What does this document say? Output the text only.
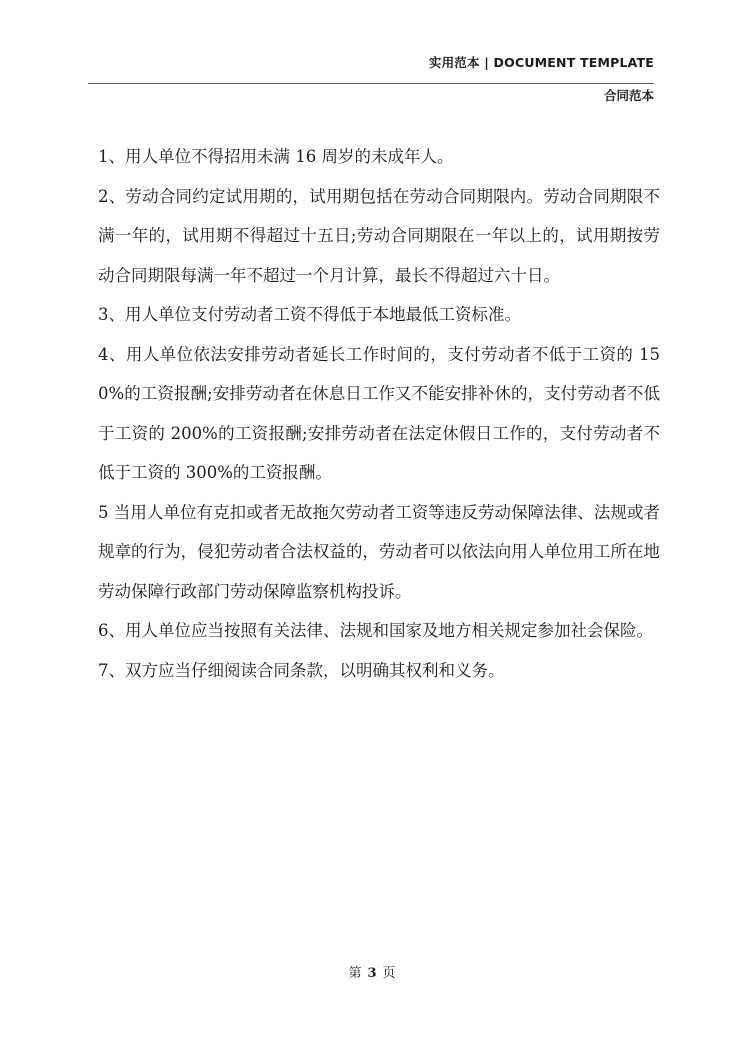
实用范本 | DOCUMENT TEMPLATE
合同范本

1、用人单位不得招用未满 16 周岁的未成年人。

2、劳动合同约定试用期的，试用期包括在劳动合同期限内。劳动合同期限不满一年的，试用期不得超过十五日;劳动合同期限在一年以上的，试用期按劳动合同期限每满一年不超过一个月计算，最长不得超过六十日。

3、用人单位支付劳动者工资不得低于本地最低工资标准。

4、用人单位依法安排劳动者延长工作时间的，支付劳动者不低于工资的 150%的工资报酬;安排劳动者在休息日工作又不能安排补休的，支付劳动者不低于工资的 200%的工资报酬;安排劳动者在法定休假日工作的，支付劳动者不低于工资的 300%的工资报酬。

5 当用人单位有克扣或者无故拖欠劳动者工资等违反劳动保障法律、法规或者规章的行为，侵犯劳动者合法权益的，劳动者可以依法向用人单位用工所在地劳动保障行政部门劳动保障监察机构投诉。

6、用人单位应当按照有关法律、法规和国家及地方相关规定参加社会保险。

7、双方应当仔细阅读合同条款，以明确其权利和义务。

第 3 页
